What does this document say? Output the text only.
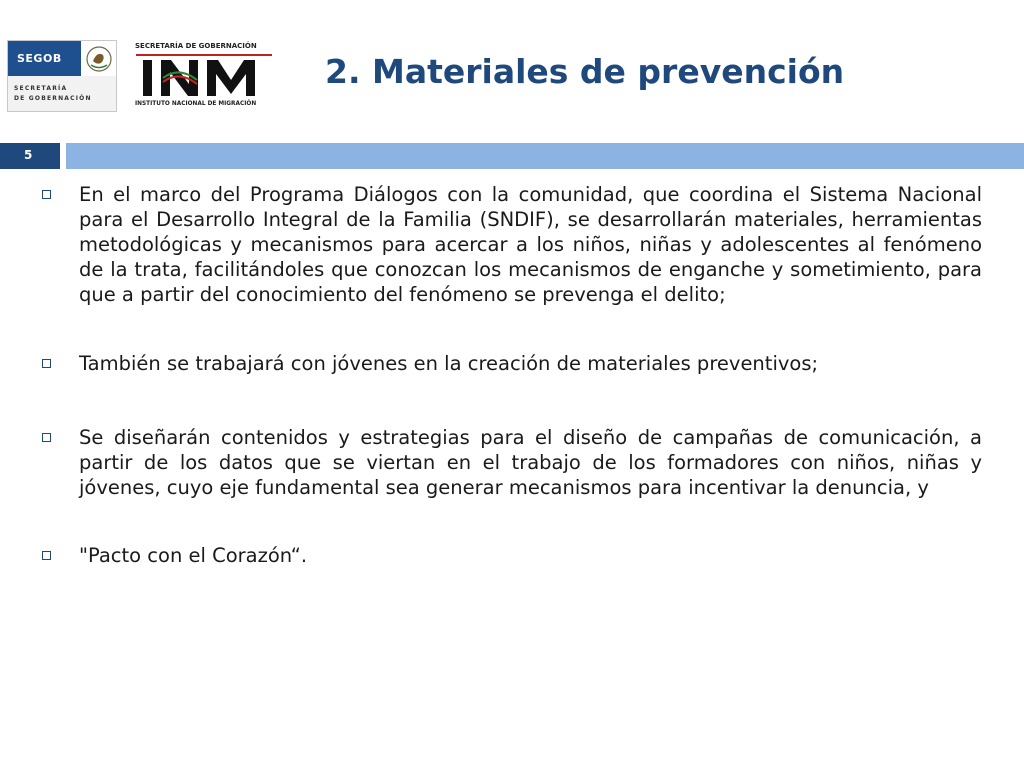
SEGOB
SECRETARÍA
DE GOBERNACIÓN
SECRETARÍA DE GOBERNACIÓN
INSTITUTO NACIONAL DE MIGRACIÓN
2. Materiales de prevención
5
En el marco del Programa Diálogos con la comunidad, que coordina el Sistema Nacional para el Desarrollo Integral de la Familia (SNDIF), se desarrollarán materiales, herramientas metodológicas y mecanismos para acercar a los niños, niñas y adolescentes al fenómeno de la trata, facilitándoles que conozcan los mecanismos de enganche y sometimiento, para que a partir del conocimiento del fenómeno se prevenga el delito;
También se trabajará con jóvenes en la creación de materiales preventivos;
Se diseñarán contenidos y estrategias para el diseño de campañas de comunicación, a partir de los datos que se viertan en el trabajo de los formadores con niños, niñas y jóvenes, cuyo eje fundamental sea generar mecanismos para incentivar la denuncia, y
"Pacto con el Corazón“.
